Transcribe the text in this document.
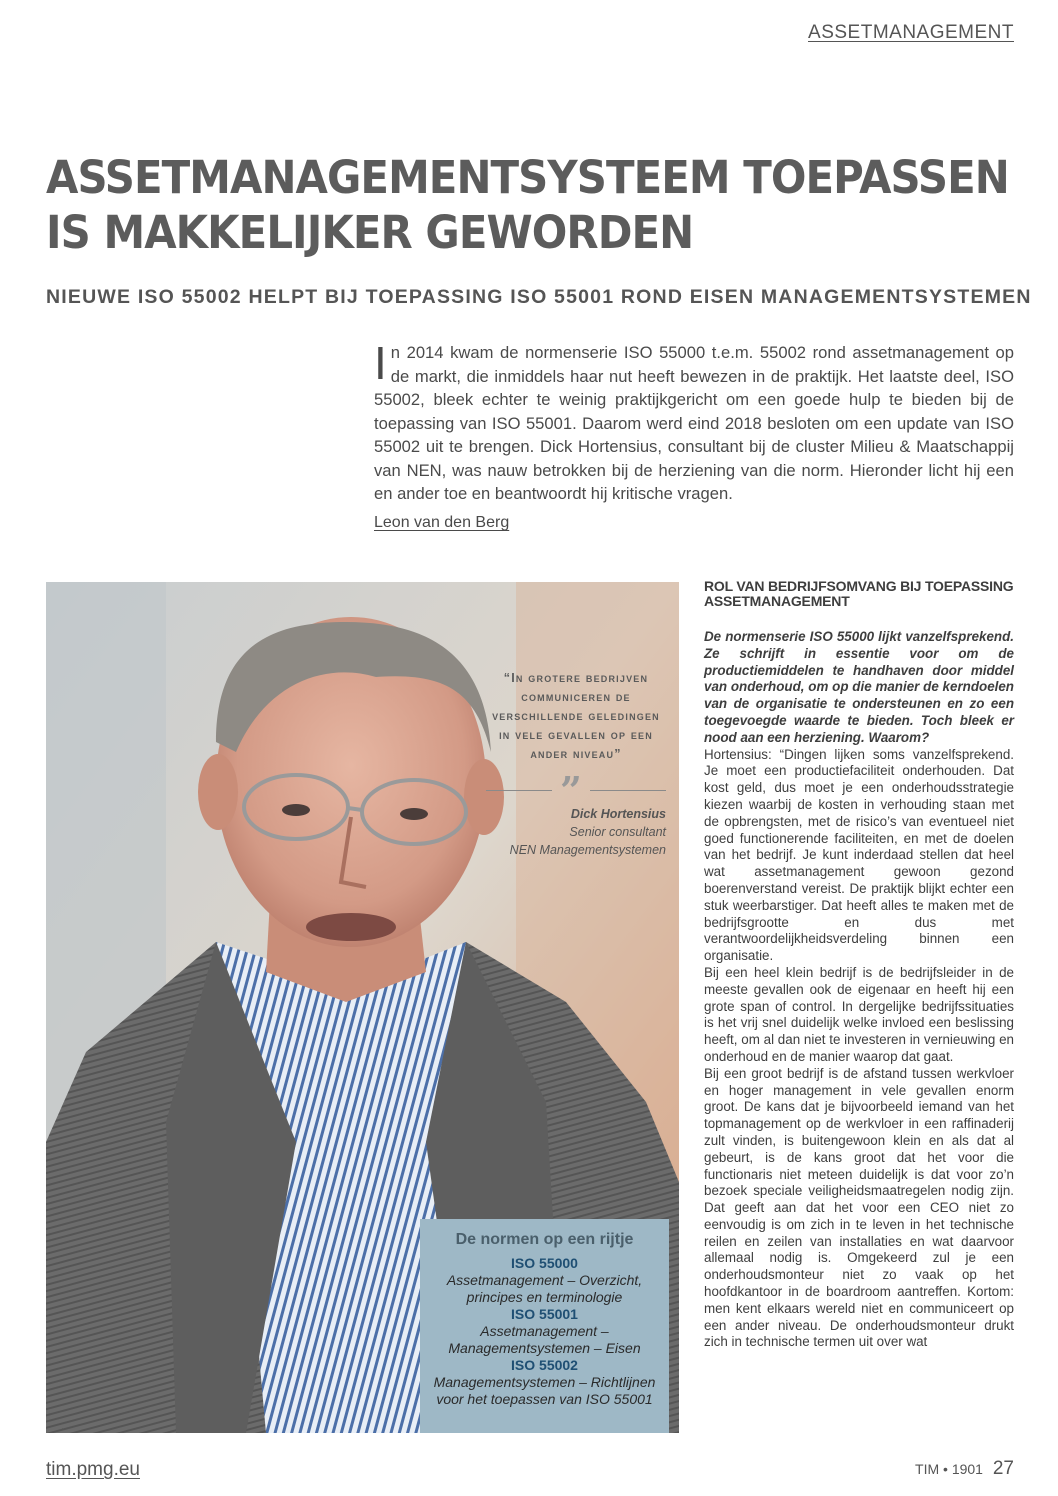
ASSETMANAGEMENT
ASSETMANAGEMENTSYSTEEM TOEPASSEN
IS MAKKELIJKER GEWORDEN
NIEUWE ISO 55002 HELPT BIJ TOEPASSING ISO 55001 ROND EISEN MANAGEMENTSYSTEMEN

In 2014 kwam de normenserie ISO 55000 t.e.m. 55002 rond assetmanagement op de markt, die inmiddels haar nut heeft bewezen in de praktijk. Het laatste deel, ISO 55002, bleek echter te weinig praktijkgericht om een goede hulp te bieden bij de toepassing van ISO 55001. Daarom werd eind 2018 besloten om een update van ISO 55002 uit te brengen. Dick Hortensius, consultant bij de cluster Milieu & Maatschappij van NEN, was nauw betrokken bij de herziening van die norm. Hieronder licht hij een en ander toe en beantwoordt hij kritische vragen.

Leon van den Berg
“In grotere bedrijven communiceren de verschillende geledingen in vele gevallen op een ander niveau”
”
Dick Hortensius
Senior consultant
NEN Managementsystemen
De normen op een rijtje
ISO 55000
Assetmanagement – Overzicht, principes en terminologie
ISO 55001
Assetmanagement – Managementsystemen – Eisen
ISO 55002
Managementsystemen – Richtlijnen voor het toepassen van ISO 55001
ROL VAN BEDRIJFSOMVANG BIJ TOEPASSING ASSETMANAGEMENT

De normenserie ISO 55000 lijkt vanzelfsprekend. Ze schrijft in essentie voor om de productiemiddelen te handhaven door middel van onderhoud, om op die manier de kerndoelen van de organisatie te ondersteunen en zo een toegevoegde waarde te bieden. Toch bleek er nood aan een herziening. Waarom?

Hortensius: “Dingen lijken soms vanzelfsprekend. Je moet een productiefaciliteit onderhouden. Dat kost geld, dus moet je een onderhoudsstrategie kiezen waarbij de kosten in verhouding staan met de opbrengsten, met de risico’s van eventueel niet goed functionerende faciliteiten, en met de doelen van het bedrijf. Je kunt inderdaad stellen dat heel wat assetmanagement gewoon gezond boerenverstand vereist. De praktijk blijkt echter een stuk weerbarstiger. Dat heeft alles te maken met de bedrijfsgrootte en dus met verantwoordelijkheidsverdeling binnen een organisatie.

Bij een heel klein bedrijf is de bedrijfsleider in de meeste gevallen ook de eigenaar en heeft hij een grote span of control. In dergelijke bedrijfssituaties is het vrij snel duidelijk welke invloed een beslissing heeft, om al dan niet te investeren in vernieuwing en onderhoud en de manier waarop dat gaat.

Bij een groot bedrijf is de afstand tussen werkvloer en hoger management in vele gevallen enorm groot. De kans dat je bijvoorbeeld iemand van het topmanagement op de werkvloer in een raffinaderij zult vinden, is buitengewoon klein en als dat al gebeurt, is de kans groot dat het voor die functionaris niet meteen duidelijk is dat voor zo’n bezoek speciale veiligheidsmaatregelen nodig zijn. Dat geeft aan dat het voor een CEO niet zo eenvoudig is om zich in te leven in het technische reilen en zeilen van installaties en wat daarvoor allemaal nodig is. Omgekeerd zul je een onderhoudsmonteur niet zo vaak op het hoofdkantoor in de boardroom aantreffen. Kortom: men kent elkaars wereld niet en communiceert op een ander niveau. De onderhoudsmonteur drukt zich in technische termen uit over wat

tim.pmg.eu	TIM • 1901 27
